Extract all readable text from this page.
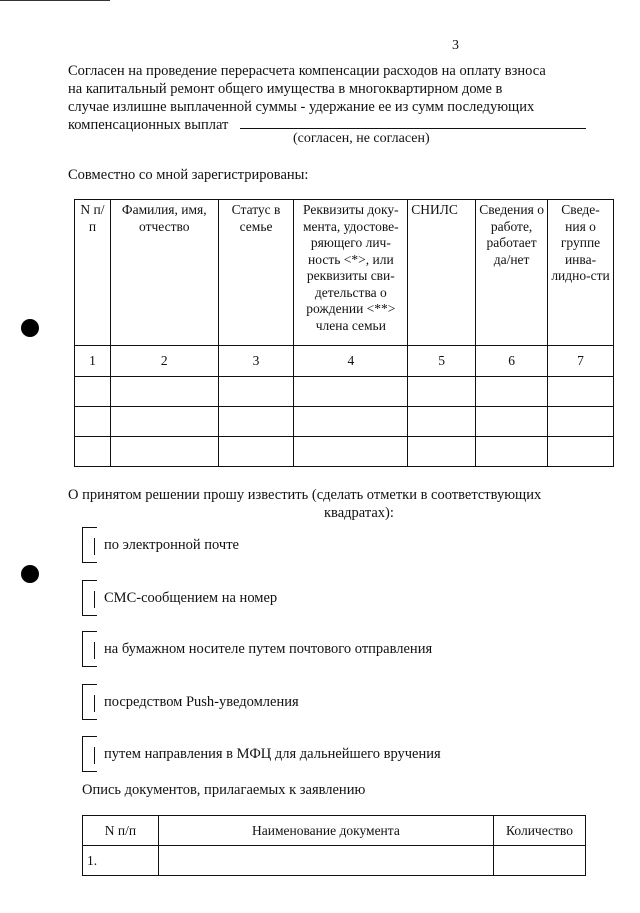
3
Согласен на проведение перерасчета компенсации расходов на оплату взноса
на капитальный ремонт общего имущества в многоквартирном доме в
случае излишне выплаченной суммы - удержание ее из сумм последующих
компенсационных выплат
(согласен, не согласен)
Совместно со мной зарегистрированы:
N п/п	Фамилия, имя, отчество	Статус в семье	Реквизиты доку-мента, удостове-ряющего лич-ность <*>, или реквизиты сви-детельства о рождении <**> члена семьи	СНИЛС	Сведения о работе, работает да/нет	Сведе-ния о группе инва-лидно-сти
1	2	3	4	5	6	7

О принятом решении прошу известить (сделать отметки в соответствующих
квадратах):
по электронной почте
СМС-сообщением на номер
на бумажном носителе путем почтового отправления
посредством Push-уведомления
путем направления в МФЦ для дальнейшего вручения
Опись документов, прилагаемых к заявлению
N п/п	Наименование документа	Количество
1.		
